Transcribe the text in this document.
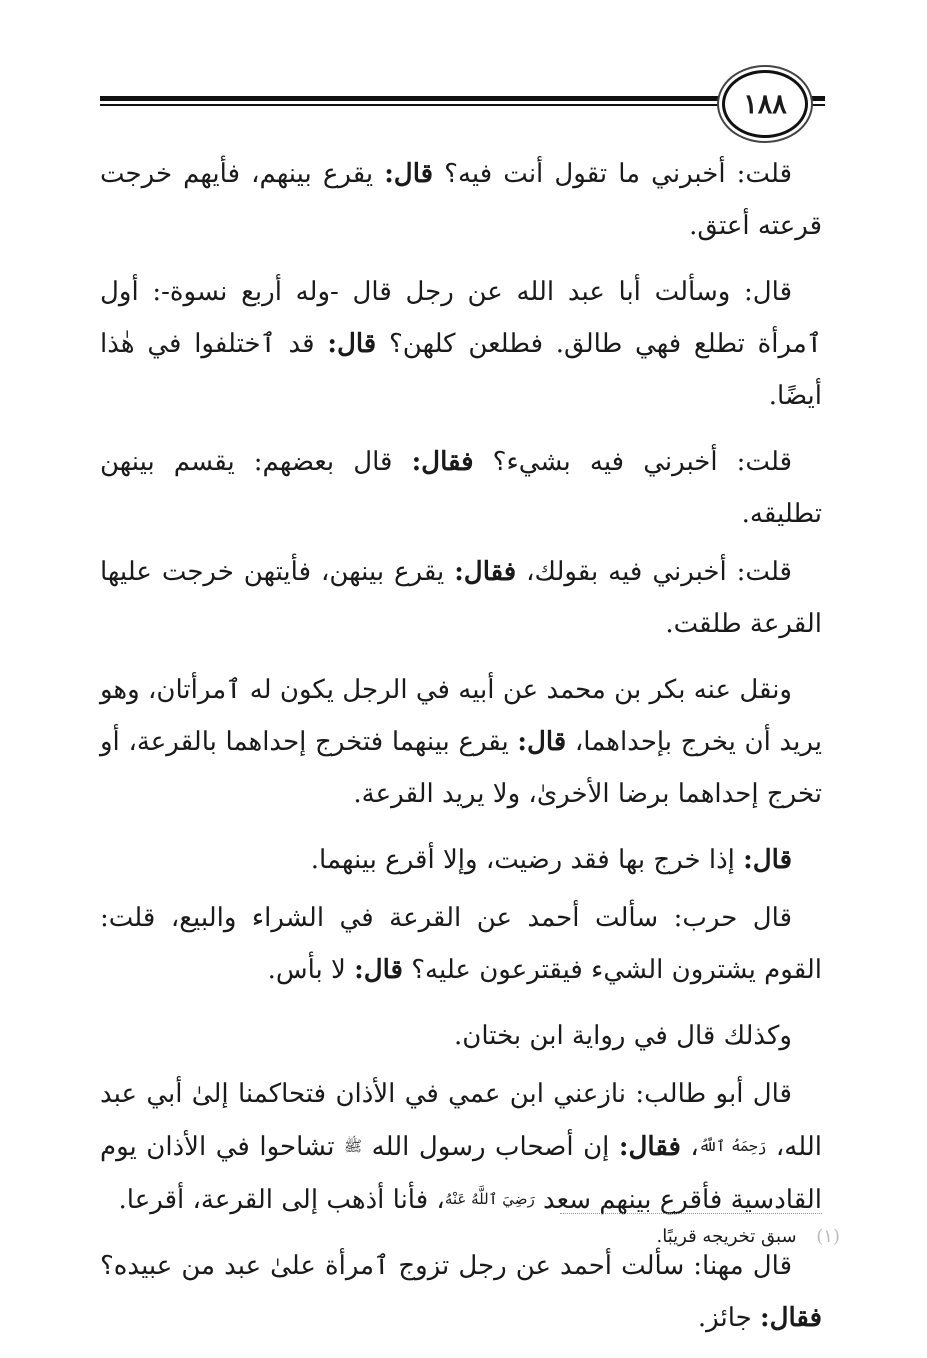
١٨٨

قلت: أخبرني ما تقول أنت فيه؟ قال: يقرع بينهم، فأيهم خرجت قرعته أعتق.

قال: وسألت أبا عبد الله عن رجل قال -وله أربع نسوة-: أول ٱمرأة تطلع فهي طالق. فطلعن كلهن؟ قال: قد ٱختلفوا في هٰذا أيضًا.

قلت: أخبرني فيه بشيء؟ فقال: قال بعضهم: يقسم بينهن تطليقه.

قلت: أخبرني فيه بقولك، فقال: يقرع بينهن، فأيتهن خرجت عليها القرعة طلقت.

ونقل عنه بكر بن محمد عن أبيه في الرجل يكون له ٱمرأتان، وهو يريد أن يخرج بإحداهما، قال: يقرع بينهما فتخرج إحداهما بالقرعة، أو تخرج إحداهما برضا الأخرىٰ، ولا يريد القرعة.

قال: إذا خرج بها فقد رضيت، وإلا أقرع بينهما.

قال حرب: سألت أحمد عن القرعة في الشراء والبيع، قلت: القوم يشترون الشيء فيقترعون عليه؟ قال: لا بأس.

وكذلك قال في رواية ابن بختان.

قال أبو طالب: نازعني ابن عمي في الأذان فتحاكمنا إلىٰ أبي عبد الله، رَحِمَهُ ٱللَّهُ، فقال: إن أصحاب رسول الله ﷺ تشاحوا في الأذان يوم القادسية فأقرع بينهم سعد رَضِيَ ٱللَّهُ عَنْهُ، فأنا أذهب إلى القرعة، أقرعا.

قال مهنا: سألت أحمد عن رجل تزوج ٱمرأة علىٰ عبد من عبيده؟ فقال: جائز.

(١) سبق تخريجه قريبًا.
